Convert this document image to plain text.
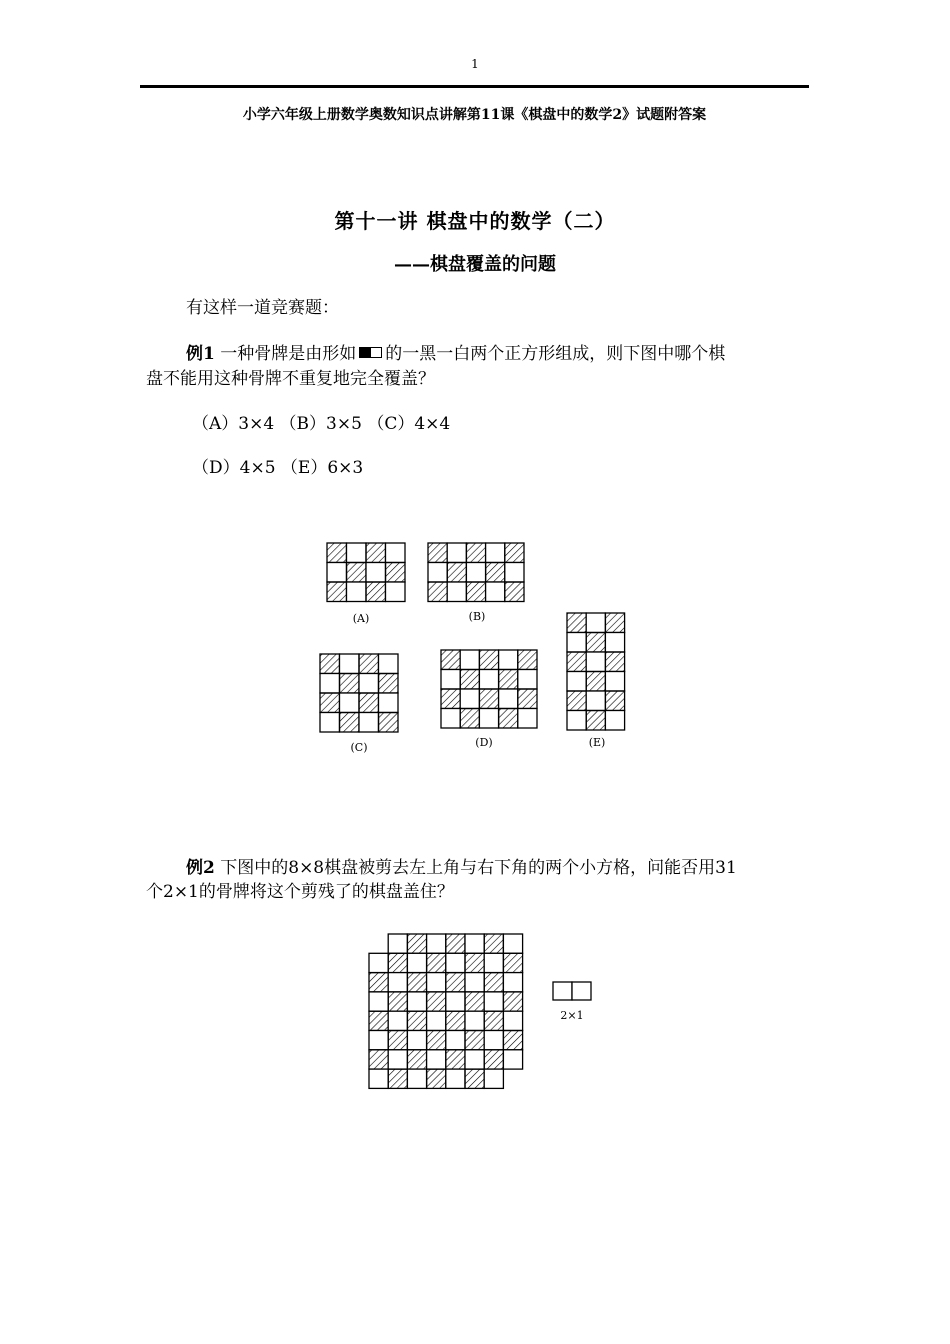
1
小学六年级上册数学奥数知识点讲解第11课《棋盘中的数学2》试题附答案
第十一讲 棋盘中的数学（二）
——棋盘覆盖的问题
有这样一道竞赛题：
例1 一种骨牌是由形如 的一黑一白两个正方形组成，则下图中哪个棋
盘不能用这种骨牌不重复地完全覆盖？
（A）3×4 （B）3×5 （C）4×4
（D）4×5 （E）6×3
(A)	(B)
(C)	(D)	(E)
2×1
例2 下图中的8×8棋盘被剪去左上角与右下角的两个小方格，问能否用31
个2×1的骨牌将这个剪残了的棋盘盖住？
